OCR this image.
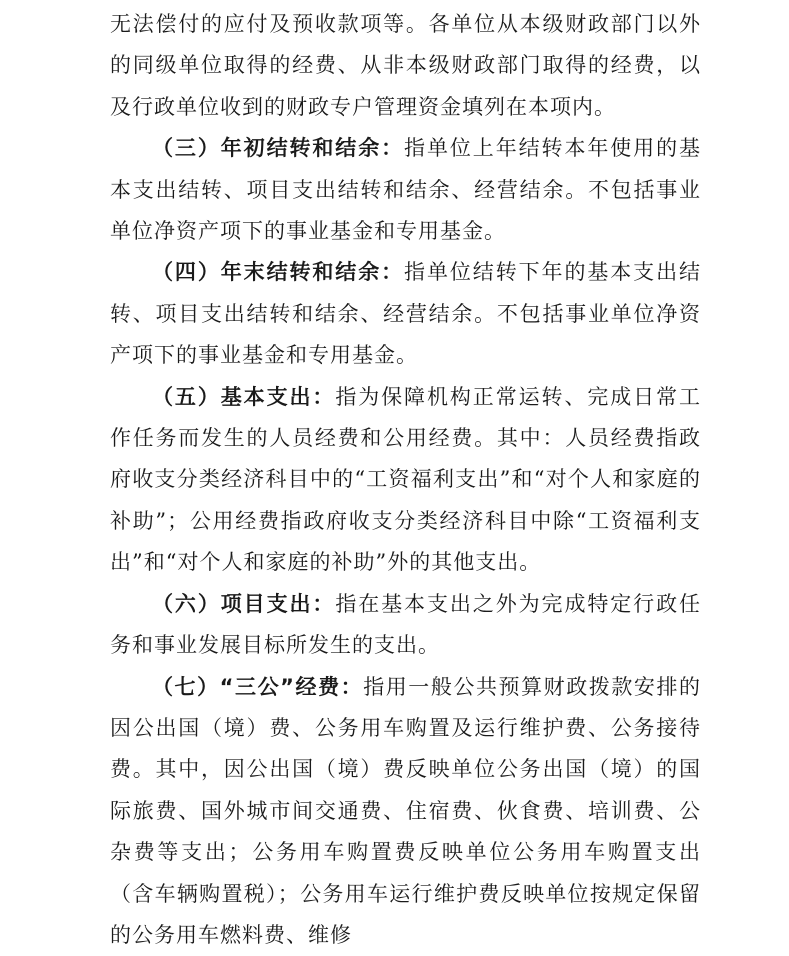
无法偿付的应付及预收款项等。各单位从本级财政部门以外的同级单位取得的经费、从非本级财政部门取得的经费，以及行政单位收到的财政专户管理资金填列在本项内。

（三）年初结转和结余：指单位上年结转本年使用的基本支出结转、项目支出结转和结余、经营结余。不包括事业单位净资产项下的事业基金和专用基金。

（四）年末结转和结余：指单位结转下年的基本支出结转、项目支出结转和结余、经营结余。不包括事业单位净资产项下的事业基金和专用基金。

（五）基本支出：指为保障机构正常运转、完成日常工作任务而发生的人员经费和公用经费。其中：人员经费指政府收支分类经济科目中的“工资福利支出”和“对个人和家庭的补助”；公用经费指政府收支分类经济科目中除“工资福利支出”和“对个人和家庭的补助”外的其他支出。

（六）项目支出：指在基本支出之外为完成特定行政任务和事业发展目标所发生的支出。

（七）“三公”经费：指用一般公共预算财政拨款安排的因公出国（境）费、公务用车购置及运行维护费、公务接待费。其中，因公出国（境）费反映单位公务出国（境）的国际旅费、国外城市间交通费、住宿费、伙食费、培训费、公杂费等支出；公务用车购置费反映单位公务用车购置支出（含车辆购置税）；公务用车运行维护费反映单位按规定保留的公务用车燃料费、维修
